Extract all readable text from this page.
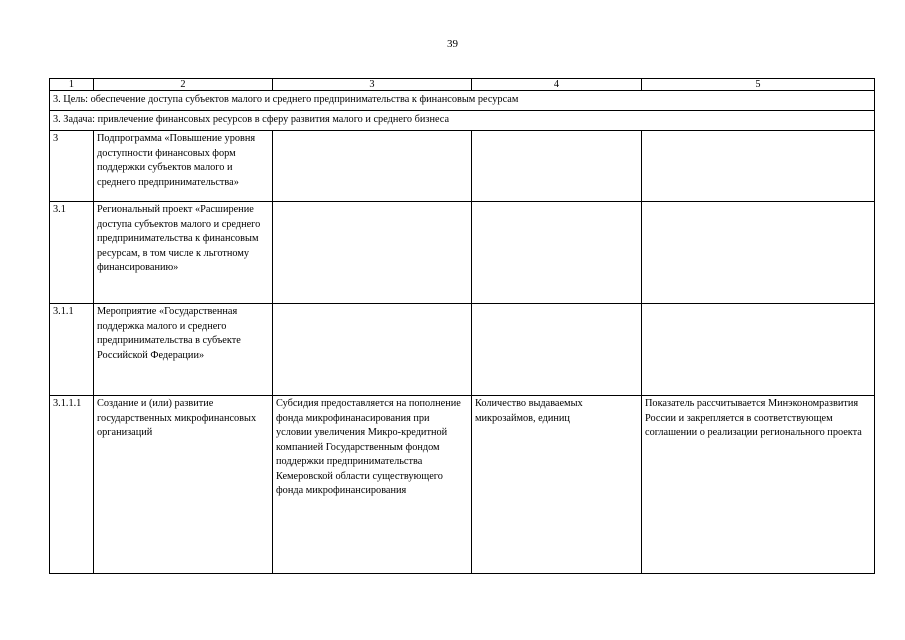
39
1	2	3	4	5
3. Цель: обеспечение доступа субъектов малого и среднего предпринимательства к финансовым ресурсам				
3. Задача: привлечение финансовых ресурсов в сферу развития малого и среднего бизнеса				
3	Подпрограмма «Повышение уровня доступности финансовых форм поддержки субъектов малого и среднего предпринимательства»			
3.1	Региональный проект «Расширение доступа субъектов малого и среднего предпринимательства к финансовым ресурсам, в том числе к льготному финансированию»			
3.1.1	Мероприятие «Государственная поддержка малого и среднего предпринимательства в субъекте Российской Федерации»			
3.1.1.1	Создание и (или) развитие государственных микрофинансовых организаций	Субсидия предоставляется на пополнение фонда микрофинанасирования при условии увеличения Микро-кредитной компанией Государственным фондом поддержки предпринимательства Кемеровской области существующего фонда микрофинансирования	Количество выдаваемых микрозаймов, единиц	Показатель рассчитывается Минэкономразвития России и закрепляется в соответствующем соглашении о реализации регионального проекта
